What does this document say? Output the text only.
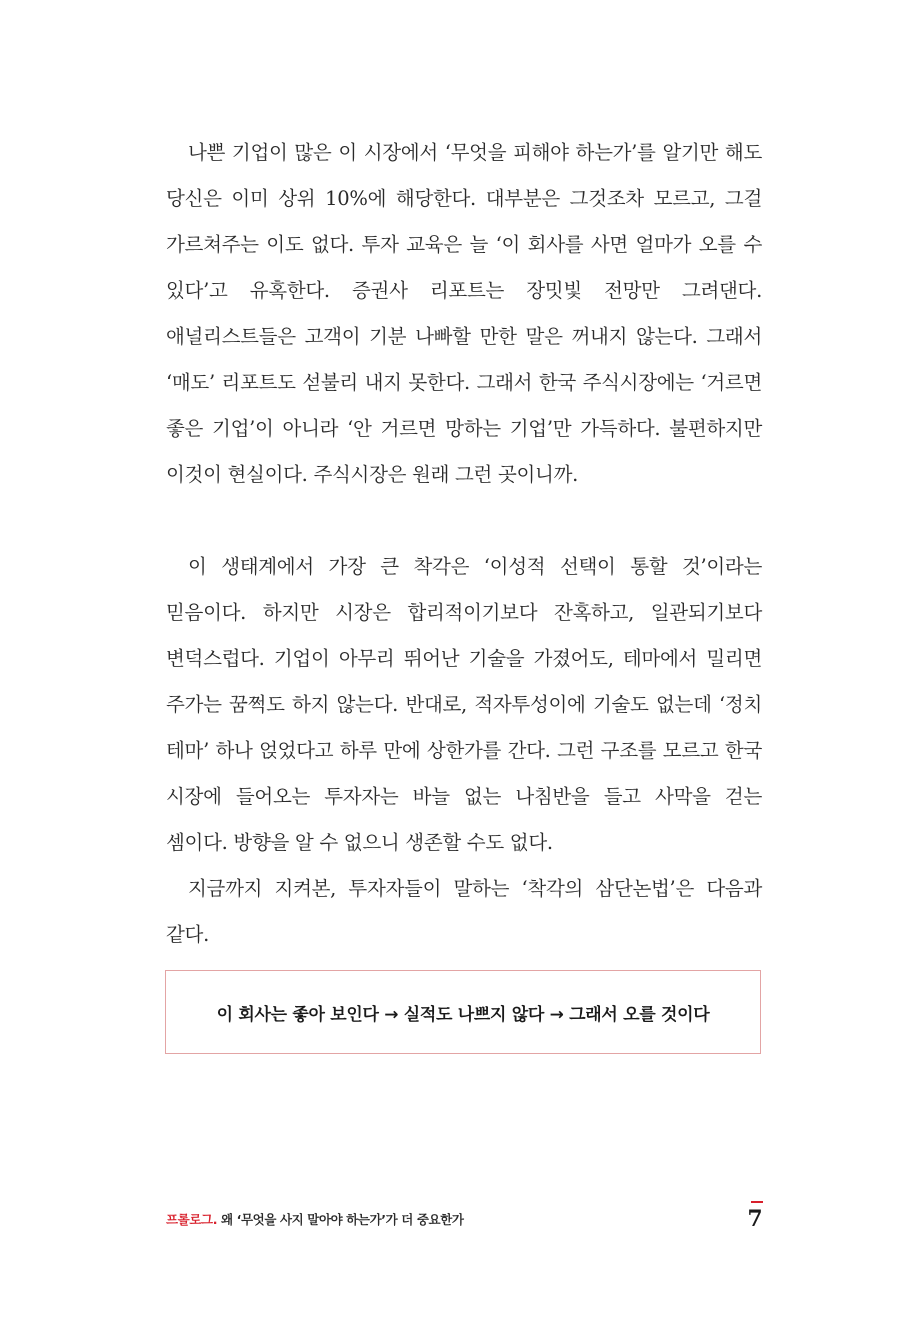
나쁜 기업이 많은 이 시장에서 ‘무엇을 피해야 하는가’를 알기만 해도 당신은 이미 상위 10%에 해당한다. 대부분은 그것조차 모르고, 그걸 가르쳐주는 이도 없다. 투자 교육은 늘 ‘이 회사를 사면 얼마가 오를 수 있다’고 유혹한다. 증권사 리포트는 장밋빛 전망만 그려댄다. 애널리스트들은 고객이 기분 나빠할 만한 말은 꺼내지 않는다. 그래서 ‘매도’ 리포트도 섣불리 내지 못한다. 그래서 한국 주식시장에는 ‘거르면 좋은 기업’이 아니라 ‘안 거르면 망하는 기업’만 가득하다. 불편하지만 이것이 현실이다. 주식시장은 원래 그런 곳이니까.

이 생태계에서 가장 큰 착각은 ‘이성적 선택이 통할 것’이라는 믿음이다. 하지만 시장은 합리적이기보다 잔혹하고, 일관되기보다 변덕스럽다. 기업이 아무리 뛰어난 기술을 가졌어도, 테마에서 밀리면 주가는 꿈쩍도 하지 않는다. 반대로, 적자투성이에 기술도 없는데 ‘정치 테마’ 하나 얹었다고 하루 만에 상한가를 간다. 그런 구조를 모르고 한국 시장에 들어오는 투자자는 바늘 없는 나침반을 들고 사막을 걷는 셈이다. 방향을 알 수 없으니 생존할 수도 없다.

지금까지 지켜본, 투자자들이 말하는 ‘착각의 삼단논법’은 다음과 같다.

이 회사는 좋아 보인다 → 실적도 나쁘지 않다 → 그래서 오를 것이다
프롤로그. 왜 ‘무엇을 사지 말아야 하는가’가 더 중요한가	7
